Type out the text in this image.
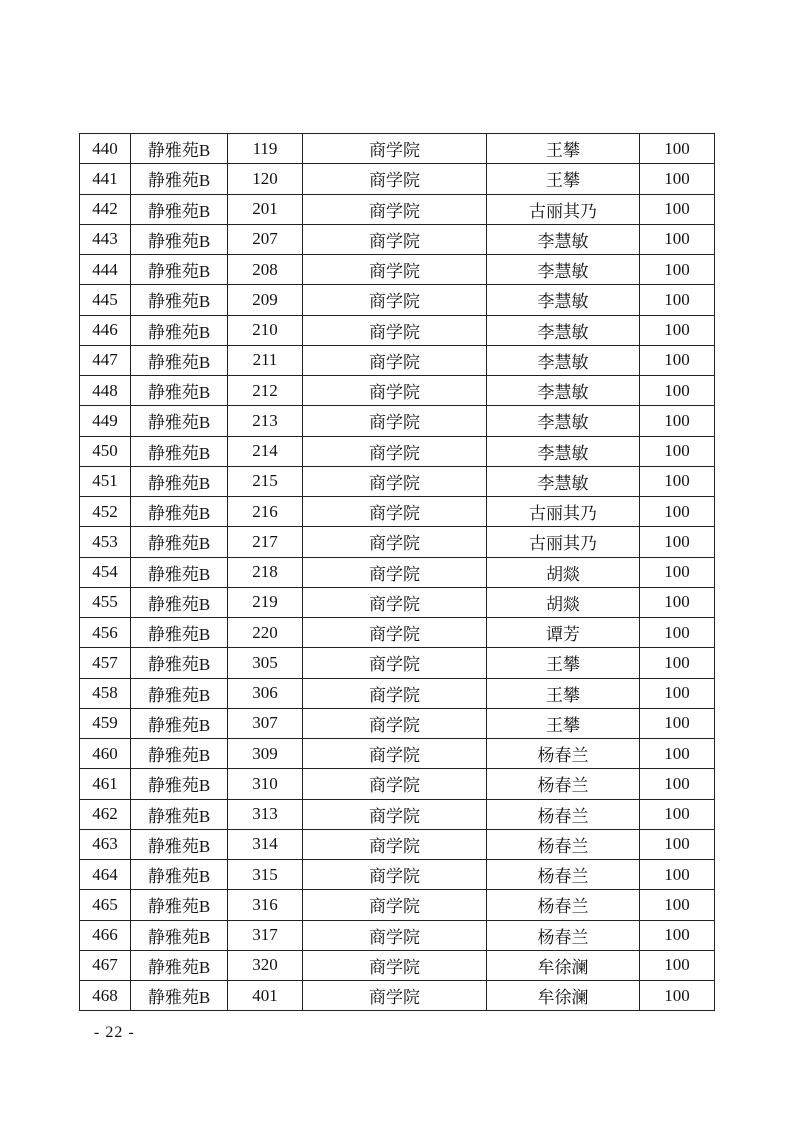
440	静雅苑B	119	商学院	王攀	100
441	静雅苑B	120	商学院	王攀	100
442	静雅苑B	201	商学院	古丽其乃	100
443	静雅苑B	207	商学院	李慧敏	100
444	静雅苑B	208	商学院	李慧敏	100
445	静雅苑B	209	商学院	李慧敏	100
446	静雅苑B	210	商学院	李慧敏	100
447	静雅苑B	211	商学院	李慧敏	100
448	静雅苑B	212	商学院	李慧敏	100
449	静雅苑B	213	商学院	李慧敏	100
450	静雅苑B	214	商学院	李慧敏	100
451	静雅苑B	215	商学院	李慧敏	100
452	静雅苑B	216	商学院	古丽其乃	100
453	静雅苑B	217	商学院	古丽其乃	100
454	静雅苑B	218	商学院	胡燚	100
455	静雅苑B	219	商学院	胡燚	100
456	静雅苑B	220	商学院	谭芳	100
457	静雅苑B	305	商学院	王攀	100
458	静雅苑B	306	商学院	王攀	100
459	静雅苑B	307	商学院	王攀	100
460	静雅苑B	309	商学院	杨春兰	100
461	静雅苑B	310	商学院	杨春兰	100
462	静雅苑B	313	商学院	杨春兰	100
463	静雅苑B	314	商学院	杨春兰	100
464	静雅苑B	315	商学院	杨春兰	100
465	静雅苑B	316	商学院	杨春兰	100
466	静雅苑B	317	商学院	杨春兰	100
467	静雅苑B	320	商学院	牟徐澜	100
468	静雅苑B	401	商学院	牟徐澜	100
- 22 -
